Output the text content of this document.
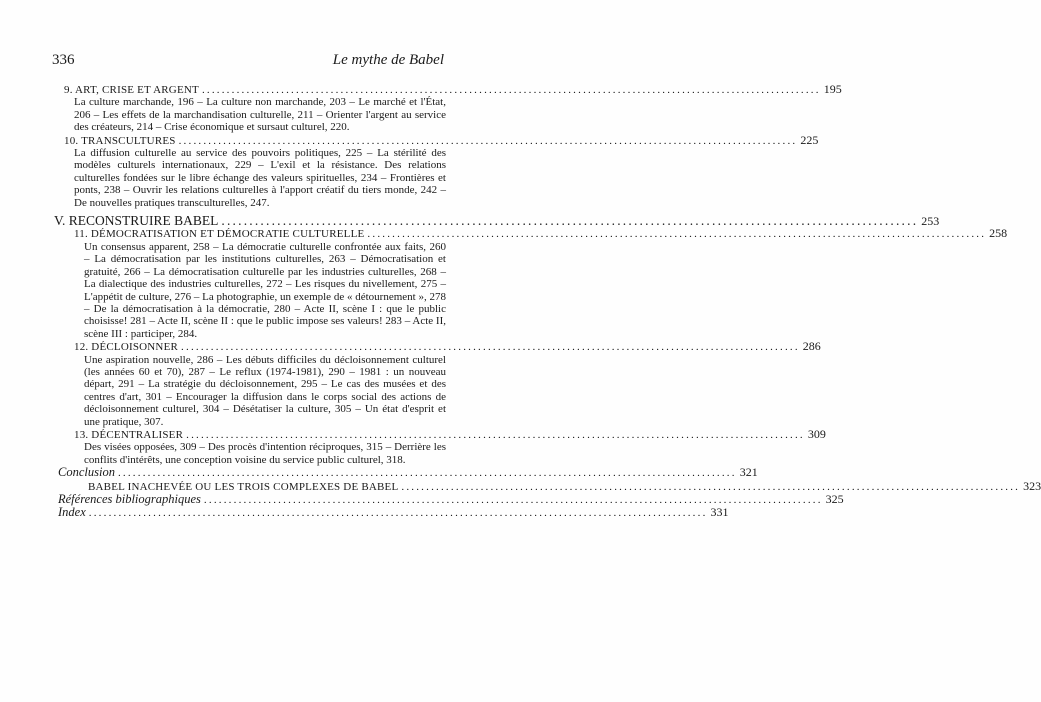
336	Le mythe de Babel
9. ART, CRISE ET ARGENT ............................................................................................................................. 195
La culture marchande, 196 – La culture non marchande, 203 – Le marché et l'État, 206 – Les effets de la marchandisation culturelle, 211 – Orienter l'argent au service des créateurs, 214 – Crise économique et sursaut culturel, 220.
10. TRANSCULTURES ............................................................................................................................. 225
La diffusion culturelle au service des pouvoirs politiques, 225 – La stérilité des modèles culturels internationaux, 229 – L'exil et la résistance. Des relations culturelles fondées sur le libre échange des valeurs spirituelles, 234 – Frontières et ponts, 238 – Ouvrir les relations culturelles à l'apport créatif du tiers monde, 242 – De nouvelles pratiques transculturelles, 247.
V. RECONSTRUIRE BABEL ............................................................................................................................. 253
11. DÉMOCRATISATION ET DÉMOCRATIE CULTURELLE ............................................................................................................................. 258
Un consensus apparent, 258 – La démocratie culturelle confrontée aux faits, 260 – La démocratisation par les institutions culturelles, 263 – Démocratisation et gratuité, 266 – La démocratisation culturelle par les industries culturelles, 268 – La dialectique des industries culturelles, 272 – Les risques du nivellement, 275 – L'appétit de culture, 276 – La photographie, un exemple de « détournement », 278 – De la démocratisation à la démocratie, 280 – Acte II, scène I : que le public choisisse! 281 – Acte II, scène II : que le public impose ses valeurs! 283 – Acte II, scène III : participer, 284.
12. DÉCLOISONNER ............................................................................................................................. 286
Une aspiration nouvelle, 286 – Les débuts difficiles du décloisonnement culturel (les années 60 et 70), 287 – Le reflux (1974-1981), 290 – 1981 : un nouveau départ, 291 – La stratégie du décloisonnement, 295 – Le cas des musées et des centres d'art, 301 – Encourager la diffusion dans le corps social des actions de décloisonnement culturel, 304 – Désétatiser la culture, 305 – Un état d'esprit et une pratique, 307.
13. DÉCENTRALISER ............................................................................................................................. 309
Des visées opposées, 309 – Des procès d'intention réciproques, 315 – Derrière les conflits d'intérêts, une conception voisine du service public culturel, 318.
Conclusion ............................................................................................................................. 321
BABEL INACHEVÉE OU LES TROIS COMPLEXES DE BABEL ............................................................................................................................. 323
Références bibliographiques ............................................................................................................................. 325
Index ............................................................................................................................. 331
